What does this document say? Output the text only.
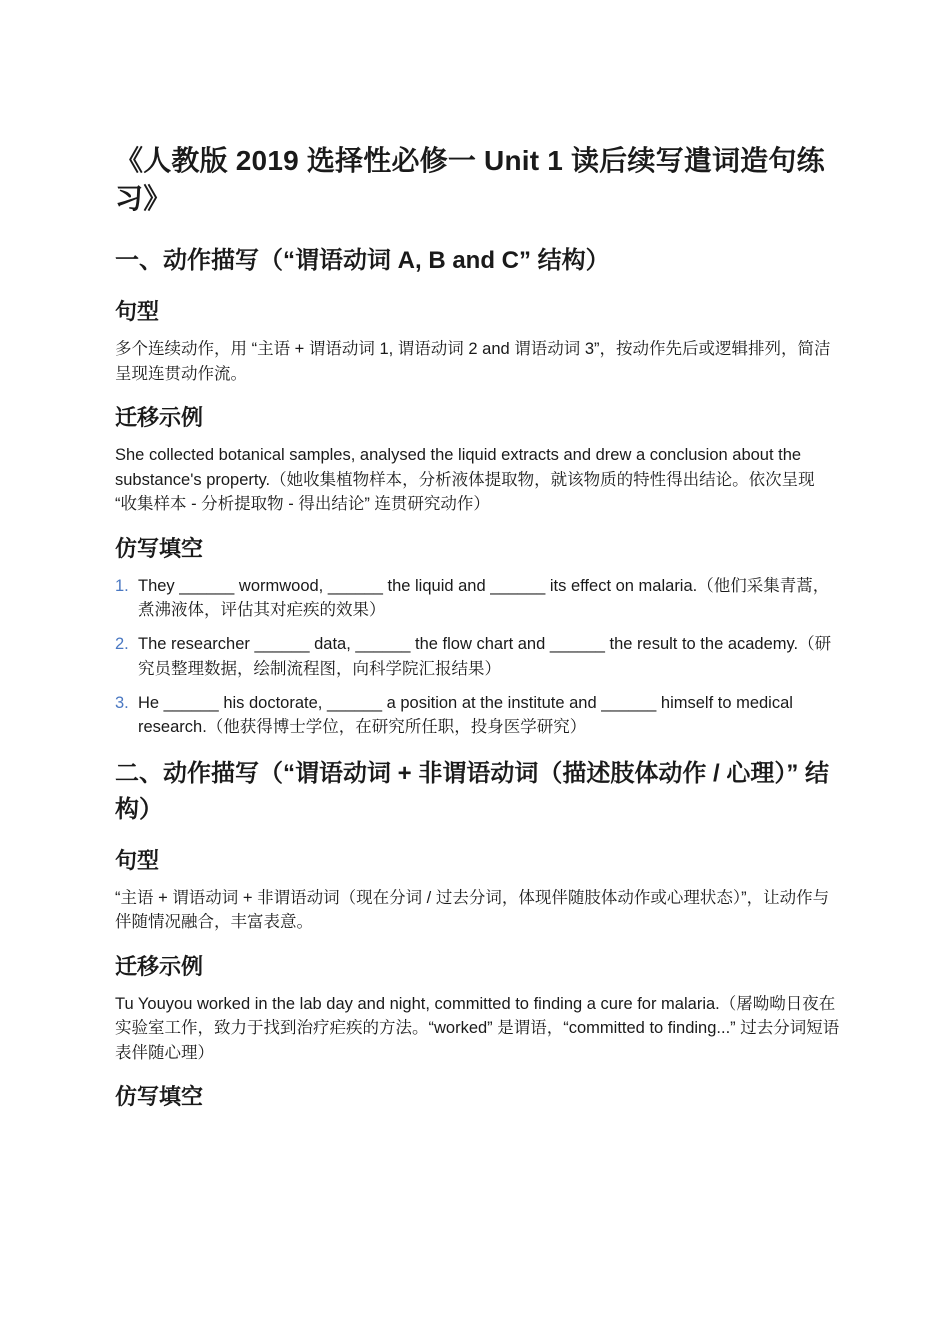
《人教版 2019 选择性必修一 Unit 1 读后续写遣词造句练习》
一、动作描写（“谓语动词 A, B and C” 结构）
句型

多个连续动作，用 “主语 + 谓语动词 1, 谓语动词 2 and 谓语动词 3”，按动作先后或逻辑排列，简洁呈现连贯动作流。

迁移示例

She collected botanical samples, analysed the liquid extracts and drew a conclusion about the substance's property.（她收集植物样本，分析液体提取物，就该物质的特性得出结论。依次呈现 “收集样本 - 分析提取物 - 得出结论” 连贯研究动作）

仿写填空
1. They ______ wormwood, ______ the liquid and ______ its effect on malaria.（他们采集青蒿，煮沸液体，评估其对疟疾的效果）
2. The researcher ______ data, ______ the flow chart and ______ the result to the academy.（研究员整理数据，绘制流程图，向科学院汇报结果）
3. He ______ his doctorate, ______ a position at the institute and ______ himself to medical research.（他获得博士学位，在研究所任职，投身医学研究）
二、动作描写（“谓语动词 + 非谓语动词（描述肢体动作 / 心理）” 结构）
句型

“主语 + 谓语动词 + 非谓语动词（现在分词 / 过去分词，体现伴随肢体动作或心理状态）”，让动作与伴随情况融合，丰富表意。

迁移示例

Tu Youyou worked in the lab day and night, committed to finding a cure for malaria.（屠呦呦日夜在实验室工作，致力于找到治疗疟疾的方法。“worked” 是谓语，“committed to finding...” 过去分词短语表伴随心理）

仿写填空
